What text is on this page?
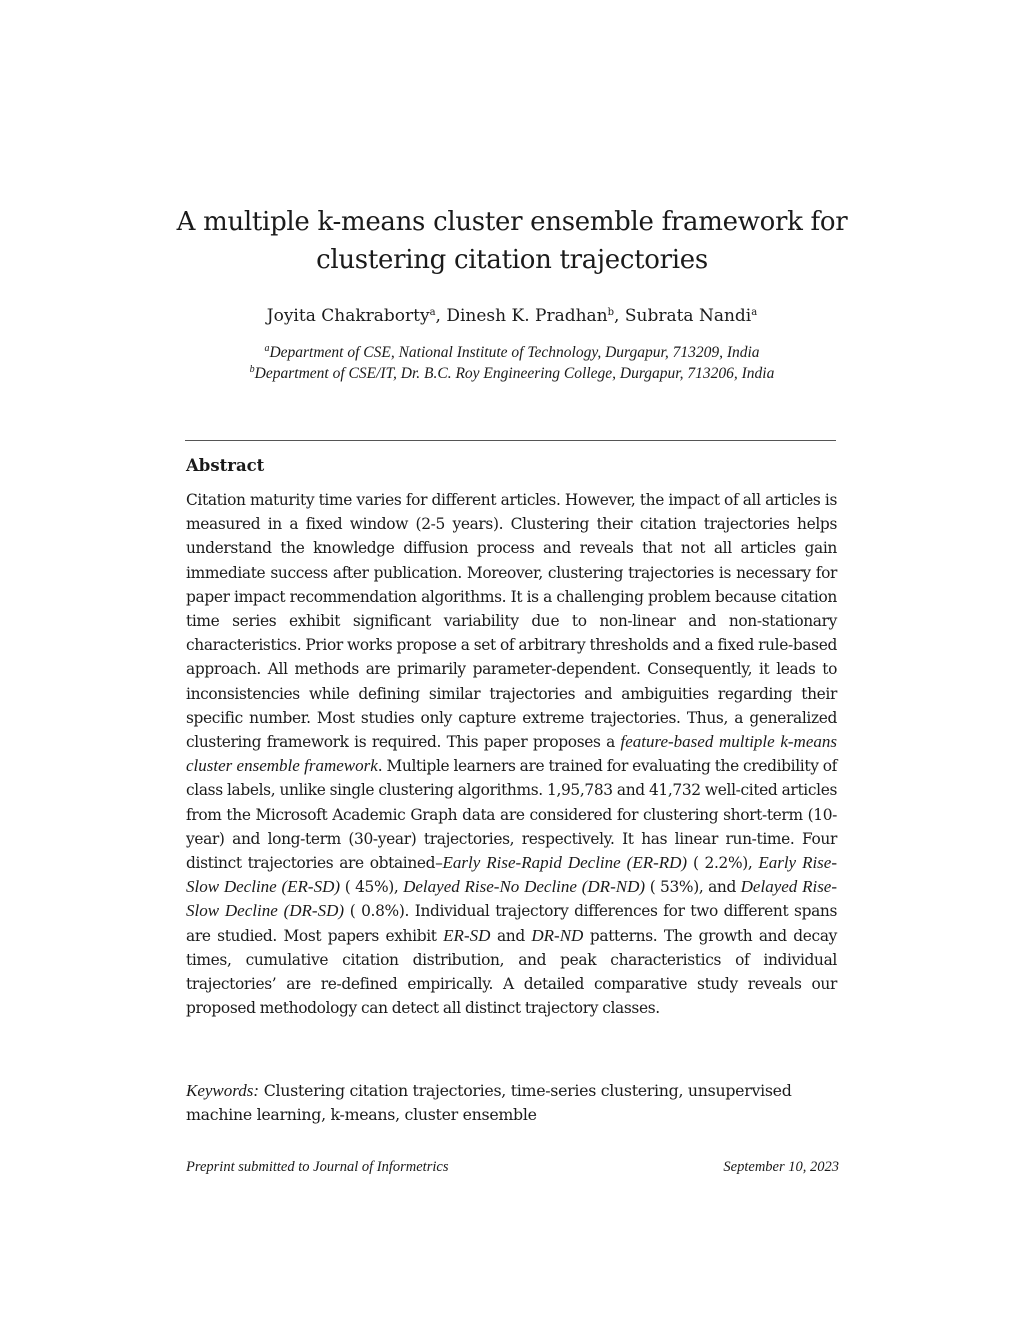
A multiple k-means cluster ensemble framework for
clustering citation trajectories
Joyita Chakraborty$^a$, Dinesh K. Pradhan$^b$, Subrata Nandi$^a$
$^a$Department of CSE, National Institute of Technology, Durgapur, 713209, India
$^b$Department of CSE/IT, Dr. B.C. Roy Engineering College, Durgapur, 713206, India
Abstract
Citation maturity time varies for different articles. However, the impact of all articles is measured in a fixed window (2-5 years). Clustering their citation trajectories helps understand the knowledge diffusion process and reveals that not all articles gain immediate success after publication. Moreover, clustering trajectories is necessary for paper impact recommendation algorithms. It is a challenging problem because citation time series exhibit significant variability due to non-linear and non-stationary characteristics. Prior works propose a set of arbitrary thresholds and a fixed rule-based approach. All methods are primarily parameter-dependent. Consequently, it leads to inconsistencies while defining similar trajectories and ambiguities regarding their specific number. Most studies only capture extreme trajectories. Thus, a generalized clustering framework is required. This paper proposes a feature-based multiple k-means cluster ensemble framework. Multiple learners are trained for evaluating the credibility of class labels, unlike single clustering algorithms. 1,95,783 and 41,732 well-cited articles from the Microsoft Academic Graph data are considered for clustering short-term (10-year) and long-term (30-year) trajectories, respectively. It has linear run-time. Four distinct trajectories are obtained–Early Rise-Rapid Decline (ER-RD) ( 2.2%), Early Rise-Slow Decline (ER-SD) ( 45%), Delayed Rise-No Decline (DR-ND) ( 53%), and Delayed Rise-Slow Decline (DR-SD) ( 0.8%). Individual trajectory differences for two different spans are studied. Most papers exhibit ER-SD and DR-ND patterns. The growth and decay times, cumulative citation distribution, and peak characteristics of individual trajectories’ are re-defined empirically. A detailed comparative study reveals our proposed methodology can detect all distinct trajectory classes.
Keywords: Clustering citation trajectories, time-series clustering, unsupervised machine learning, k-means, cluster ensemble
Preprint submitted to Journal of Informetrics	September 10, 2023
